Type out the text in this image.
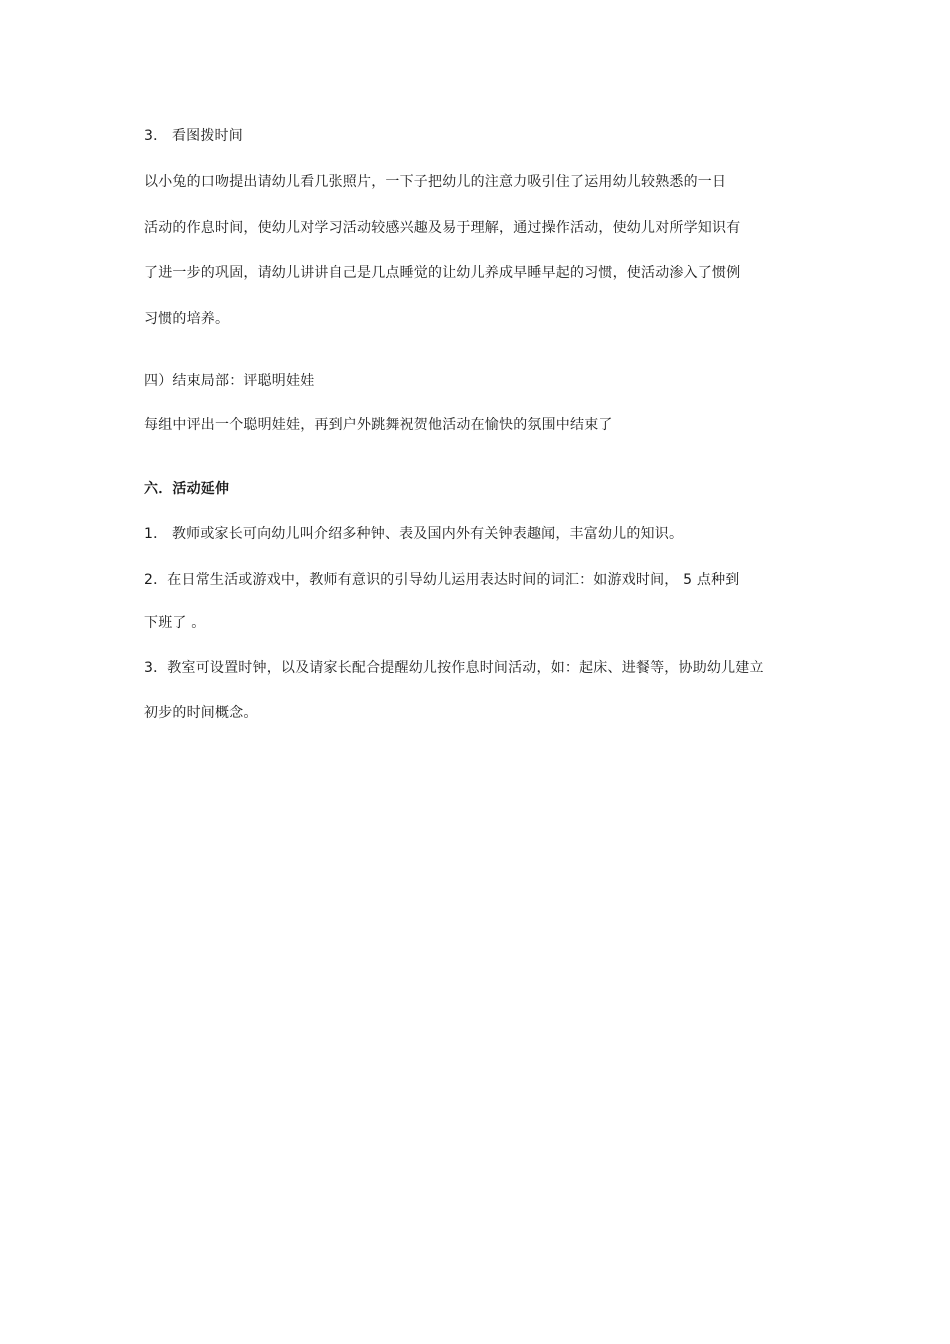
3． 看图拨时间
以小兔的口吻提出请幼儿看几张照片，一下子把幼儿的注意力吸引住了运用幼儿较熟悉的一日
活动的作息时间，使幼儿对学习活动较感兴趣及易于理解，通过操作活动，使幼儿对所学知识有
了进一步的巩固，请幼儿讲讲自己是几点睡觉的让幼儿养成早睡早起的习惯，使活动渗入了惯例
习惯的培养。
四）结束局部：评聪明娃娃
每组中评出一个聪明娃娃，再到户外跳舞祝贺他活动在愉快的氛围中结束了
六．活动延伸
1． 教师或家长可向幼儿叫介绍多种钟、表及国内外有关钟表趣闻，丰富幼儿的知识。
2．在日常生活或游戏中，教师有意识的引导幼儿运用表达时间的词汇：如游戏时间， 5 点种到
下班了 。
3．教室可设置时钟，以及请家长配合提醒幼儿按作息时间活动，如：起床、进餐等，协助幼儿建立
初步的时间概念。
